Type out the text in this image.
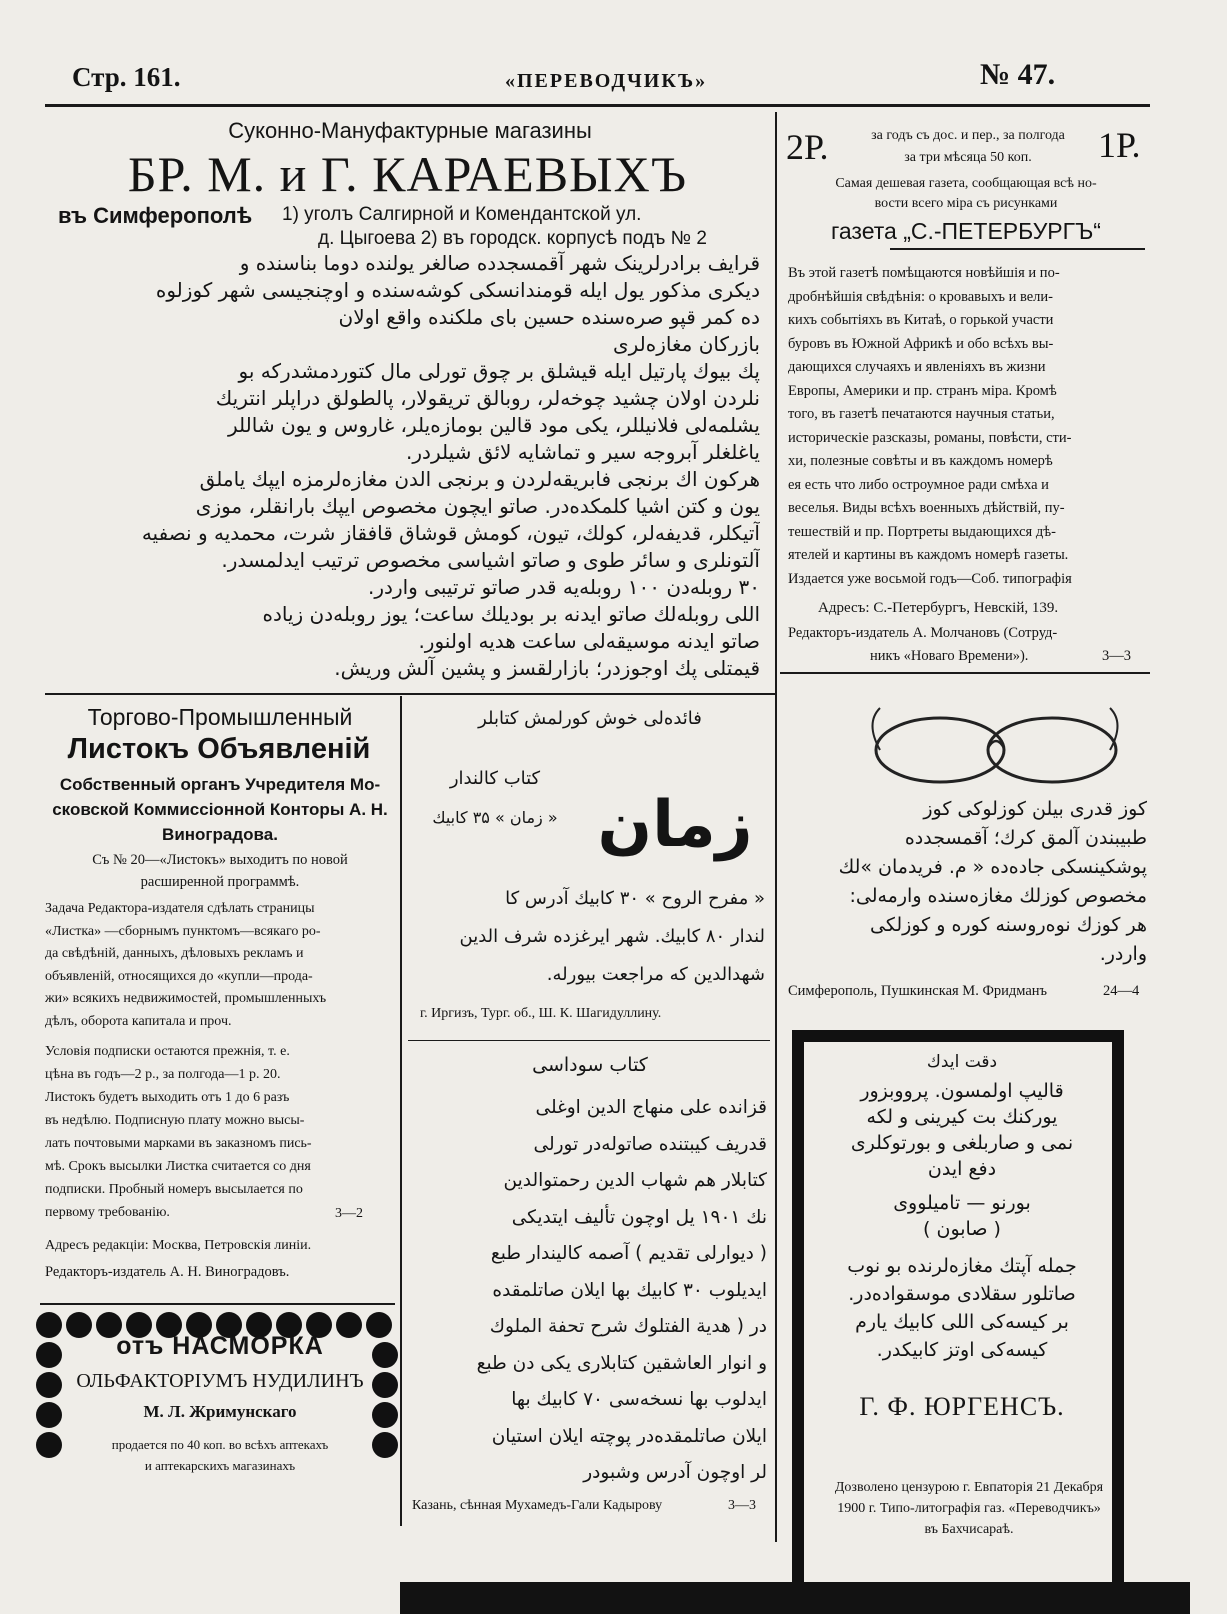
Стр. 161.	«ПЕРЕВОДЧИКЪ»	№ 47.
Суконно-Мануфактурные магазины
БР. М. и Г. КАРАЕВЫХЪ
въ Симферополѣ 1) уголъ Салгирной и Комендантской ул.
д. Цыгоева 2) въ городск. корпусѣ подъ № 2
قرایف برادرلرینک شهر آقمسجدده صالغر یولنده دوما بناسنده و
دیکری مذکور یول ایله قومندانسکی کوشه‌سنده و اوچنجیسی شهر کوزلوه
ده کمر قپو صره‌سنده حسین بای ملکنده واقع اولان
بازرکان مغازه‌لری
پك بیوك پارتیل ایله قیشلق بر چوق تورلی مال کتوردمشدرکه بو
نلردن اولان چشید چوخه‌لر، روبالق تریقولار، پالطولق دراپلر انتریك
یشلمه‌لی فلانیللر، یکی مود قالین بومازه‌یلر، غاروس و یون شاللر
یاغلغلر آبروجه سیر و تماشایه لائق شیلردر.
هرکون اك برنجی فابریقه‌لردن و برنجی الدن مغازه‌لرمزه ایپك یاملق
یون و کتن اشیا کلمکده‌در. صاتو ایچون مخصوص ایپك بارانقلر، موزی
آتیکلر، قدیفه‌لر، کولك، تیون، کومش قوشاق قافقاز شرت، محمدیه و نصفیه
آلتونلری و سائر طوی و صاتو اشیاسی مخصوص ترتیب ایدلمسدر.
۳۰ روبله‌دن ۱۰۰ روبله‌یه قدر صاتو ترتیبی واردر.
اللی روبله‌لك صاتو ایدنه بر بودیلك ساعت؛ یوز روبله‌دن زیاده
صاتو ایدنه موسیقه‌لی ساعت هدیه اولنور.
قیمتلی پك اوجوزدر؛ بازارلقسز و پشین آلش وریش.
2Р.	1Р.
за годъ съ дос. и пер., за полгода
за три мѣсяца 50 коп.
Самая дешевая газета, сообщающая всѣ но-
вости всего міра съ рисунками
газета „С.-ПЕТЕРБУРГЪ“
Въ этой газетѣ помѣщаются новѣйшія и по-
дробнѣйшія свѣдѣнія: о кровавыхъ и вели-
кихъ событіяхъ въ Китаѣ, о горькой участи
буровъ въ Южной Африкѣ и обо всѣхъ вы-
дающихся случаяхъ и явленіяхъ въ жизни
Европы, Америки и пр. странъ міра. Кромѣ
того, въ газетѣ печатаются научныя статьи,
историческіе разсказы, романы, повѣсти, сти-
хи, полезные совѣты и въ каждомъ номерѣ
ея есть что либо остроумное ради смѣха и
веселья. Виды всѣхъ военныхъ дѣйствій, пу-
тешествій и пр. Портреты выдающихся дѣ-
ятелей и картины въ каждомъ номерѣ газеты.
Издается уже восьмой годъ—Соб. типографія
Адресъ: С.-Петербургъ, Невскій, 139.
Редакторъ-издатель А. Молчановъ (Сотруд-
никъ «Новаго Времени»).	3—3
Торгово-Промышленный
Листокъ Объявленій
Собственный органъ Учредителя Мо-
сковской Коммиссіонной Конторы А. Н.
Виноградова.
Съ № 20—«Листокъ» выходитъ по новой
расширенной программѣ.
Задача Редактора-издателя сдѣлать страницы
«Листка» —сборнымъ пунктомъ—всякаго ро-
да свѣдѣній, данныхъ, дѣловыхъ рекламъ и
объявленій, относящихся до «купли—прода-
жи» всякихъ недвижимостей, промышленныхъ
дѣлъ, оборота капитала и проч.
Условія подписки остаются прежнія, т. е.
цѣна въ годъ—2 р., за полгода—1 р. 20.
Листокъ будетъ выходить отъ 1 до 6 разъ
въ недѣлю. Подписную плату можно высы-
лать почтовыми марками въ заказномъ пись-
мѣ. Срокъ высылки Листка считается со дня
подписки. Пробный номеръ высылается по
первому требованію.	3—2
Адресъ редакціи: Москва, Петровскія линіи.
Редакторъ-издатель А. Н. Виноградовъ.
فائده‌لی خوش کورلمش کتابلر
کتاب کالندار
« زمان » ۳۵ کابیك زمان
« مفرح الروح » ۳۰ کابیك آدرس کا
لندار ۸۰ کابیك. شهر ایرغزده شرف الدین
شهدالدین که مراجعت بیورله.
г. Иргизъ, Тург. об., Ш. К. Шагидуллину.
کتاب سوداسی
قزانده علی منهاج الدین اوغلی
قدریف کیبتنده صاتوله‌در تورلی
کتابلار هم شهاب الدین رحمتوالدین
نك ۱۹۰۱ یل اوچون تألیف ایتدیکی
( دیوارلی تقدیم ) آصمه کالیندار طبع
ایدیلوب ۳۰ کابیك بها ایلان صاتلمقده
در ( هدیة الفتلوك شرح تحفة الملوك
و انوار العاشقین کتابلاری یکی دن طبع
ایدلوب بها نسخه‌سی ۷۰ کابیك بها
ایلان صاتلمقده‌در پوچته ایلان استیان
لر اوچون آدرس وشبودر
Казань, сѣнная Мухамедъ-Гали Кадырову	3—3
کوز قدری بیلن کوزلوکی کوز
طبیبندن آلمق کرك؛ آقمسجدده
پوشکینسکی جاده‌ده « م. فریدمان »لك
مخصوص کوزلك مغازه‌سنده وارمه‌لی:
هر کوزك نوه‌روسنه کوره و کوزلکی
واردر.
Симферополь, Пушкинская М. Фридманъ	24—4
دقت ایدك
قالیپ اولمسون. پرووبزور
یورکنك بت کیرینی و لکه
نمی و صاربلغی و بورتوکلری
دفع ایدن
بورنو — تامیلووی
( صابون )
جمله آپتك مغازه‌لرنده بو نوب
صاتلور سقلادی موسقواده‌در.
بر کیسه‌کی اللی کابیك یارم
کیسه‌کی اوتز کابیکدر.
Г. Ф. ЮРГЕНСЪ.
отъ НАСМОРКА
ОЛЬФАКТОРІУМЪ НУДИЛИНЪ
М. Л. Жримунскаго
продается по 40 коп. во всѣхъ аптекахъ
и аптекарскихъ магазинахъ
Дозволено цензурою г. Евпаторія 21 Декабря
1900 г. Типо-литографія газ. «Переводчикъ»
въ Бахчисараѣ.
